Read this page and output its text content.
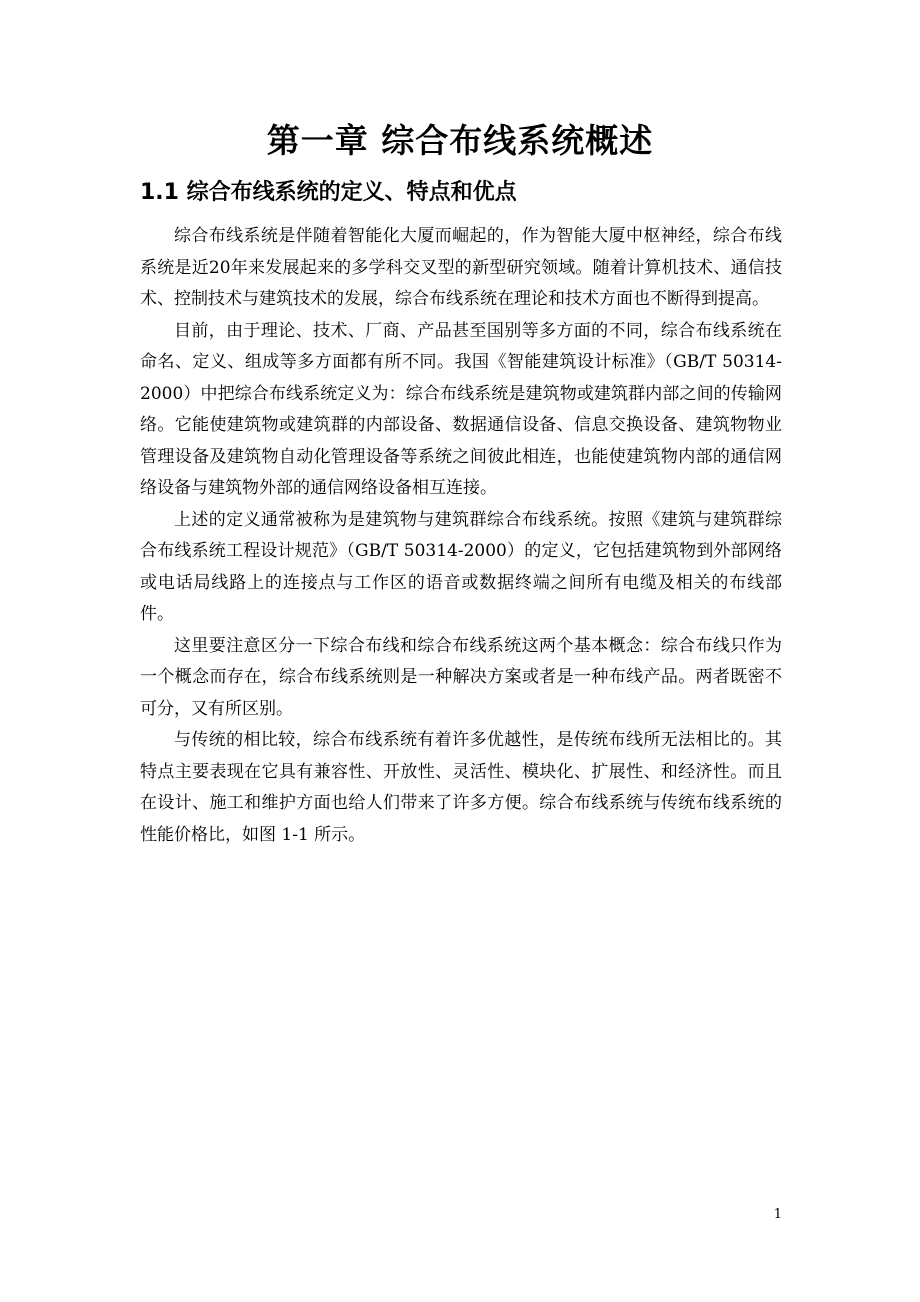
第一章 综合布线系统概述
1.1 综合布线系统的定义、特点和优点

综合布线系统是伴随着智能化大厦而崛起的，作为智能大厦中枢神经，综合布线系统是近20年来发展起来的多学科交叉型的新型研究领域。随着计算机技术、通信技术、控制技术与建筑技术的发展，综合布线系统在理论和技术方面也不断得到提高。

目前，由于理论、技术、厂商、产品甚至国别等多方面的不同，综合布线系统在命名、定义、组成等多方面都有所不同。我国《智能建筑设计标准》（GB/T 50314-2000）中把综合布线系统定义为：综合布线系统是建筑物或建筑群内部之间的传输网络。它能使建筑物或建筑群的内部设备、数据通信设备、信息交换设备、建筑物物业管理设备及建筑物自动化管理设备等系统之间彼此相连，也能使建筑物内部的通信网络设备与建筑物外部的通信网络设备相互连接。

上述的定义通常被称为是建筑物与建筑群综合布线系统。按照《建筑与建筑群综合布线系统工程设计规范》（GB/T 50314-2000）的定义，它包括建筑物到外部网络或电话局线路上的连接点与工作区的语音或数据终端之间所有电缆及相关的布线部件。

这里要注意区分一下综合布线和综合布线系统这两个基本概念：综合布线只作为一个概念而存在，综合布线系统则是一种解决方案或者是一种布线产品。两者既密不可分，又有所区别。

与传统的相比较，综合布线系统有着许多优越性，是传统布线所无法相比的。其特点主要表现在它具有兼容性、开放性、灵活性、模块化、扩展性、和经济性。而且在设计、施工和维护方面也给人们带来了许多方便。综合布线系统与传统布线系统的性能价格比，如图 1-1 所示。

1
